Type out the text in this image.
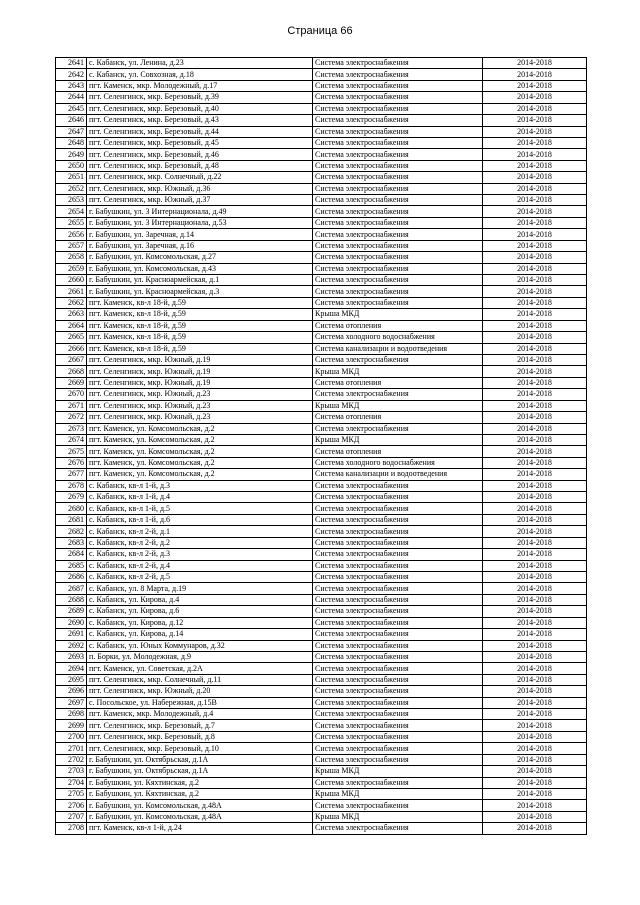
Страница 66
2641	с. Кабанск, ул. Ленина, д.23	Система электроснабжения	2014-2018
2642	с. Кабанск, ул. Совхозная, д.18	Система электроснабжения	2014-2018
2643	пгт. Каменск, мкр. Молодежный, д.17	Система электроснабжения	2014-2018
2644	пгт. Селенгинск, мкр. Березовый, д.39	Система электроснабжения	2014-2018
2645	пгт. Селенгинск, мкр. Березовый, д.40	Система электроснабжения	2014-2018
2646	пгт. Селенгинск, мкр. Березовый, д.43	Система электроснабжения	2014-2018
2647	пгт. Селенгинск, мкр. Березовый, д.44	Система электроснабжения	2014-2018
2648	пгт. Селенгинск, мкр. Березовый, д.45	Система электроснабжения	2014-2018
2649	пгт. Селенгинск, мкр. Березовый, д.46	Система электроснабжения	2014-2018
2650	пгт. Селенгинск, мкр. Березовый, д.48	Система электроснабжения	2014-2018
2651	пгт. Селенгинск, мкр. Солнечный, д.22	Система электроснабжения	2014-2018
2652	пгт. Селенгинск, мкр. Южный, д.36	Система электроснабжения	2014-2018
2653	пгт. Селенгинск, мкр. Южный, д.37	Система электроснабжения	2014-2018
2654	г. Бабушкин, ул. 3 Интернационала, д.49	Система электроснабжения	2014-2018
2655	г. Бабушкин, ул. 3 Интернационала, д.53	Система электроснабжения	2014-2018
2656	г. Бабушкин, ул. Заречная, д.14	Система электроснабжения	2014-2018
2657	г. Бабушкин, ул. Заречная, д.16	Система электроснабжения	2014-2018
2658	г. Бабушкин, ул. Комсомольская, д.27	Система электроснабжения	2014-2018
2659	г. Бабушкин, ул. Комсомольская, д.43	Система электроснабжения	2014-2018
2660	г. Бабушкин, ул. Красноармейская, д.1	Система электроснабжения	2014-2018
2661	г. Бабушкин, ул. Красноармейская, д.3	Система электроснабжения	2014-2018
2662	пгт. Каменск, кв-л 18-й, д.59	Система электроснабжения	2014-2018
2663	пгт. Каменск, кв-л 18-й, д.59	Крыша МКД	2014-2018
2664	пгт. Каменск, кв-л 18-й, д.59	Система отопления	2014-2018
2665	пгт. Каменск, кв-л 18-й, д.59	Система холодного водоснабжения	2014-2018
2666	пгт. Каменск, кв-л 18-й, д.59	Система канализации и водоотведения	2014-2018
2667	пгт. Селенгинск, мкр. Южный, д.19	Система электроснабжения	2014-2018
2668	пгт. Селенгинск, мкр. Южный, д.19	Крыша МКД	2014-2018
2669	пгт. Селенгинск, мкр. Южный, д.19	Система отопления	2014-2018
2670	пгт. Селенгинск, мкр. Южный, д.23	Система электроснабжения	2014-2018
2671	пгт. Селенгинск, мкр. Южный, д.23	Крыша МКД	2014-2018
2672	пгт. Селенгинск, мкр. Южный, д.23	Система отопления	2014-2018
2673	пгт. Каменск, ул. Комсомольская, д.2	Система электроснабжения	2014-2018
2674	пгт. Каменск, ул. Комсомольская, д.2	Крыша МКД	2014-2018
2675	пгт. Каменск, ул. Комсомольская, д.2	Система отопления	2014-2018
2676	пгт. Каменск, ул. Комсомольская, д.2	Система холодного водоснабжения	2014-2018
2677	пгт. Каменск, ул. Комсомольская, д.2	Система канализации и водоотведения	2014-2018
2678	с. Кабанск, кв-л 1-й, д.3	Система электроснабжения	2014-2018
2679	с. Кабанск, кв-л 1-й, д.4	Система электроснабжения	2014-2018
2680	с. Кабанск, кв-л 1-й, д.5	Система электроснабжения	2014-2018
2681	с. Кабанск, кв-л 1-й, д.6	Система электроснабжения	2014-2018
2682	с. Кабанск, кв-л 2-й, д.1	Система электроснабжения	2014-2018
2683	с. Кабанск, кв-л 2-й, д.2	Система электроснабжения	2014-2018
2684	с. Кабанск, кв-л 2-й, д.3	Система электроснабжения	2014-2018
2685	с. Кабанск, кв-л 2-й, д.4	Система электроснабжения	2014-2018
2686	с. Кабанск, кв-л 2-й, д.5	Система электроснабжения	2014-2018
2687	с. Кабанск, ул. 8 Марта, д.19	Система электроснабжения	2014-2018
2688	с. Кабанск, ул. Кирова, д.4	Система электроснабжения	2014-2018
2689	с. Кабанск, ул. Кирова, д.6	Система электроснабжения	2014-2018
2690	с. Кабанск, ул. Кирова, д.12	Система электроснабжения	2014-2018
2691	с. Кабанск, ул. Кирова, д.14	Система электроснабжения	2014-2018
2692	с. Кабанск, ул. Юных Коммунаров, д.32	Система электроснабжения	2014-2018
2693	п. Борки, ул. Молодежная, д.9	Система электроснабжения	2014-2018
2694	пгт. Каменск, ул. Советская, д.2А	Система электроснабжения	2014-2018
2695	пгт. Селенгинск, мкр. Солнечный, д.11	Система электроснабжения	2014-2018
2696	пгт. Селенгинск, мкр. Южный, д.20	Система электроснабжения	2014-2018
2697	с. Посольское, ул. Набережная, д.15В	Система электроснабжения	2014-2018
2698	пгт. Каменск, мкр. Молодежный, д.4	Система электроснабжения	2014-2018
2699	пгт. Селенгинск, мкр. Березовый, д.7	Система электроснабжения	2014-2018
2700	пгт. Селенгинск, мкр. Березовый, д.8	Система электроснабжения	2014-2018
2701	пгт. Селенгинск, мкр. Березовый, д.10	Система электроснабжения	2014-2018
2702	г. Бабушкин, ул. Октябрьская, д.1А	Система электроснабжения	2014-2018
2703	г. Бабушкин, ул. Октябрьская, д.1А	Крыша МКД	2014-2018
2704	г. Бабушкин, ул. Кяхтинская, д.2	Система электроснабжения	2014-2018
2705	г. Бабушкин, ул. Кяхтинская, д.2	Крыша МКД	2014-2018
2706	г. Бабушкин, ул. Комсомольская, д.48А	Система электроснабжения	2014-2018
2707	г. Бабушкин, ул. Комсомольская, д.48А	Крыша МКД	2014-2018
2708	пгт. Каменск, кв-л 1-й, д.24	Система электроснабжения	2014-2018
